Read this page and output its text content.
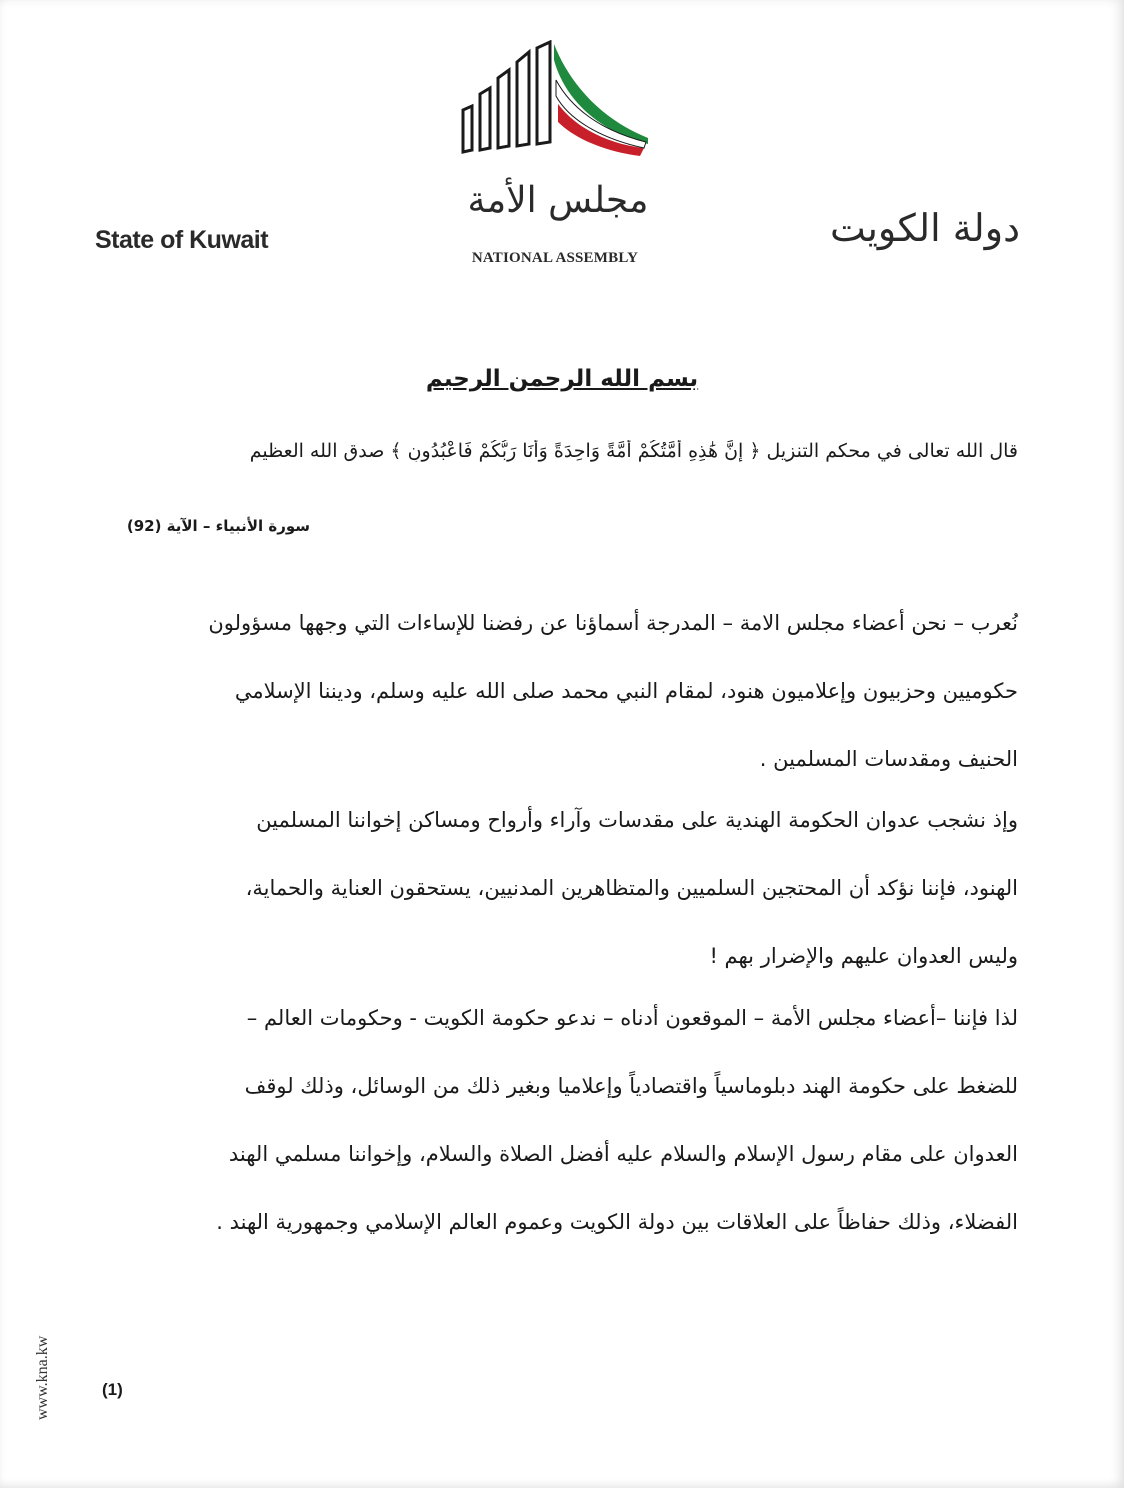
State of Kuwait	دولة الكويت
مجلس الأمة
NATIONAL ASSEMBLY
بسم الله الرحمن الرحيم
قال الله تعالى في محكم التنزيل ﴿ إِنَّ هَٰذِهِ أُمَّتُكُمْ أُمَّةً وَاحِدَةً وَأَنَا رَبُّكُمْ فَاعْبُدُونِ ﴾ صدق الله العظيم
سورة الأنبياء – الآية (92)
نُعرب – نحن أعضاء مجلس الامة – المدرجة أسماؤنا عن رفضنا للإساءات التي وجهها مسؤولون
حكوميين وحزبيون وإعلاميون هنود، لمقام النبي محمد صلى الله عليه وسلم، وديننا الإسلامي
الحنيف ومقدسات المسلمين .
وإذ نشجب عدوان الحكومة الهندية على مقدسات وآراء وأرواح ومساكن إخواننا المسلمين
الهنود، فإننا نؤكد أن المحتجين السلميين والمتظاهرين المدنيين، يستحقون العناية والحماية،
وليس العدوان عليهم والإضرار بهم !
لذا فإننا –أعضاء مجلس الأمة – الموقعون أدناه – ندعو حكومة الكويت - وحكومات العالم –
للضغط على حكومة الهند دبلوماسياً واقتصادياً وإعلاميا وبغير ذلك من الوسائل، وذلك لوقف
العدوان على مقام رسول الإسلام والسلام عليه أفضل الصلاة والسلام، وإخواننا مسلمي الهند
الفضلاء، وذلك حفاظاً على العلاقات بين دولة الكويت وعموم العالم الإسلامي وجمهورية الهند .
(1)
www.kna.kw
